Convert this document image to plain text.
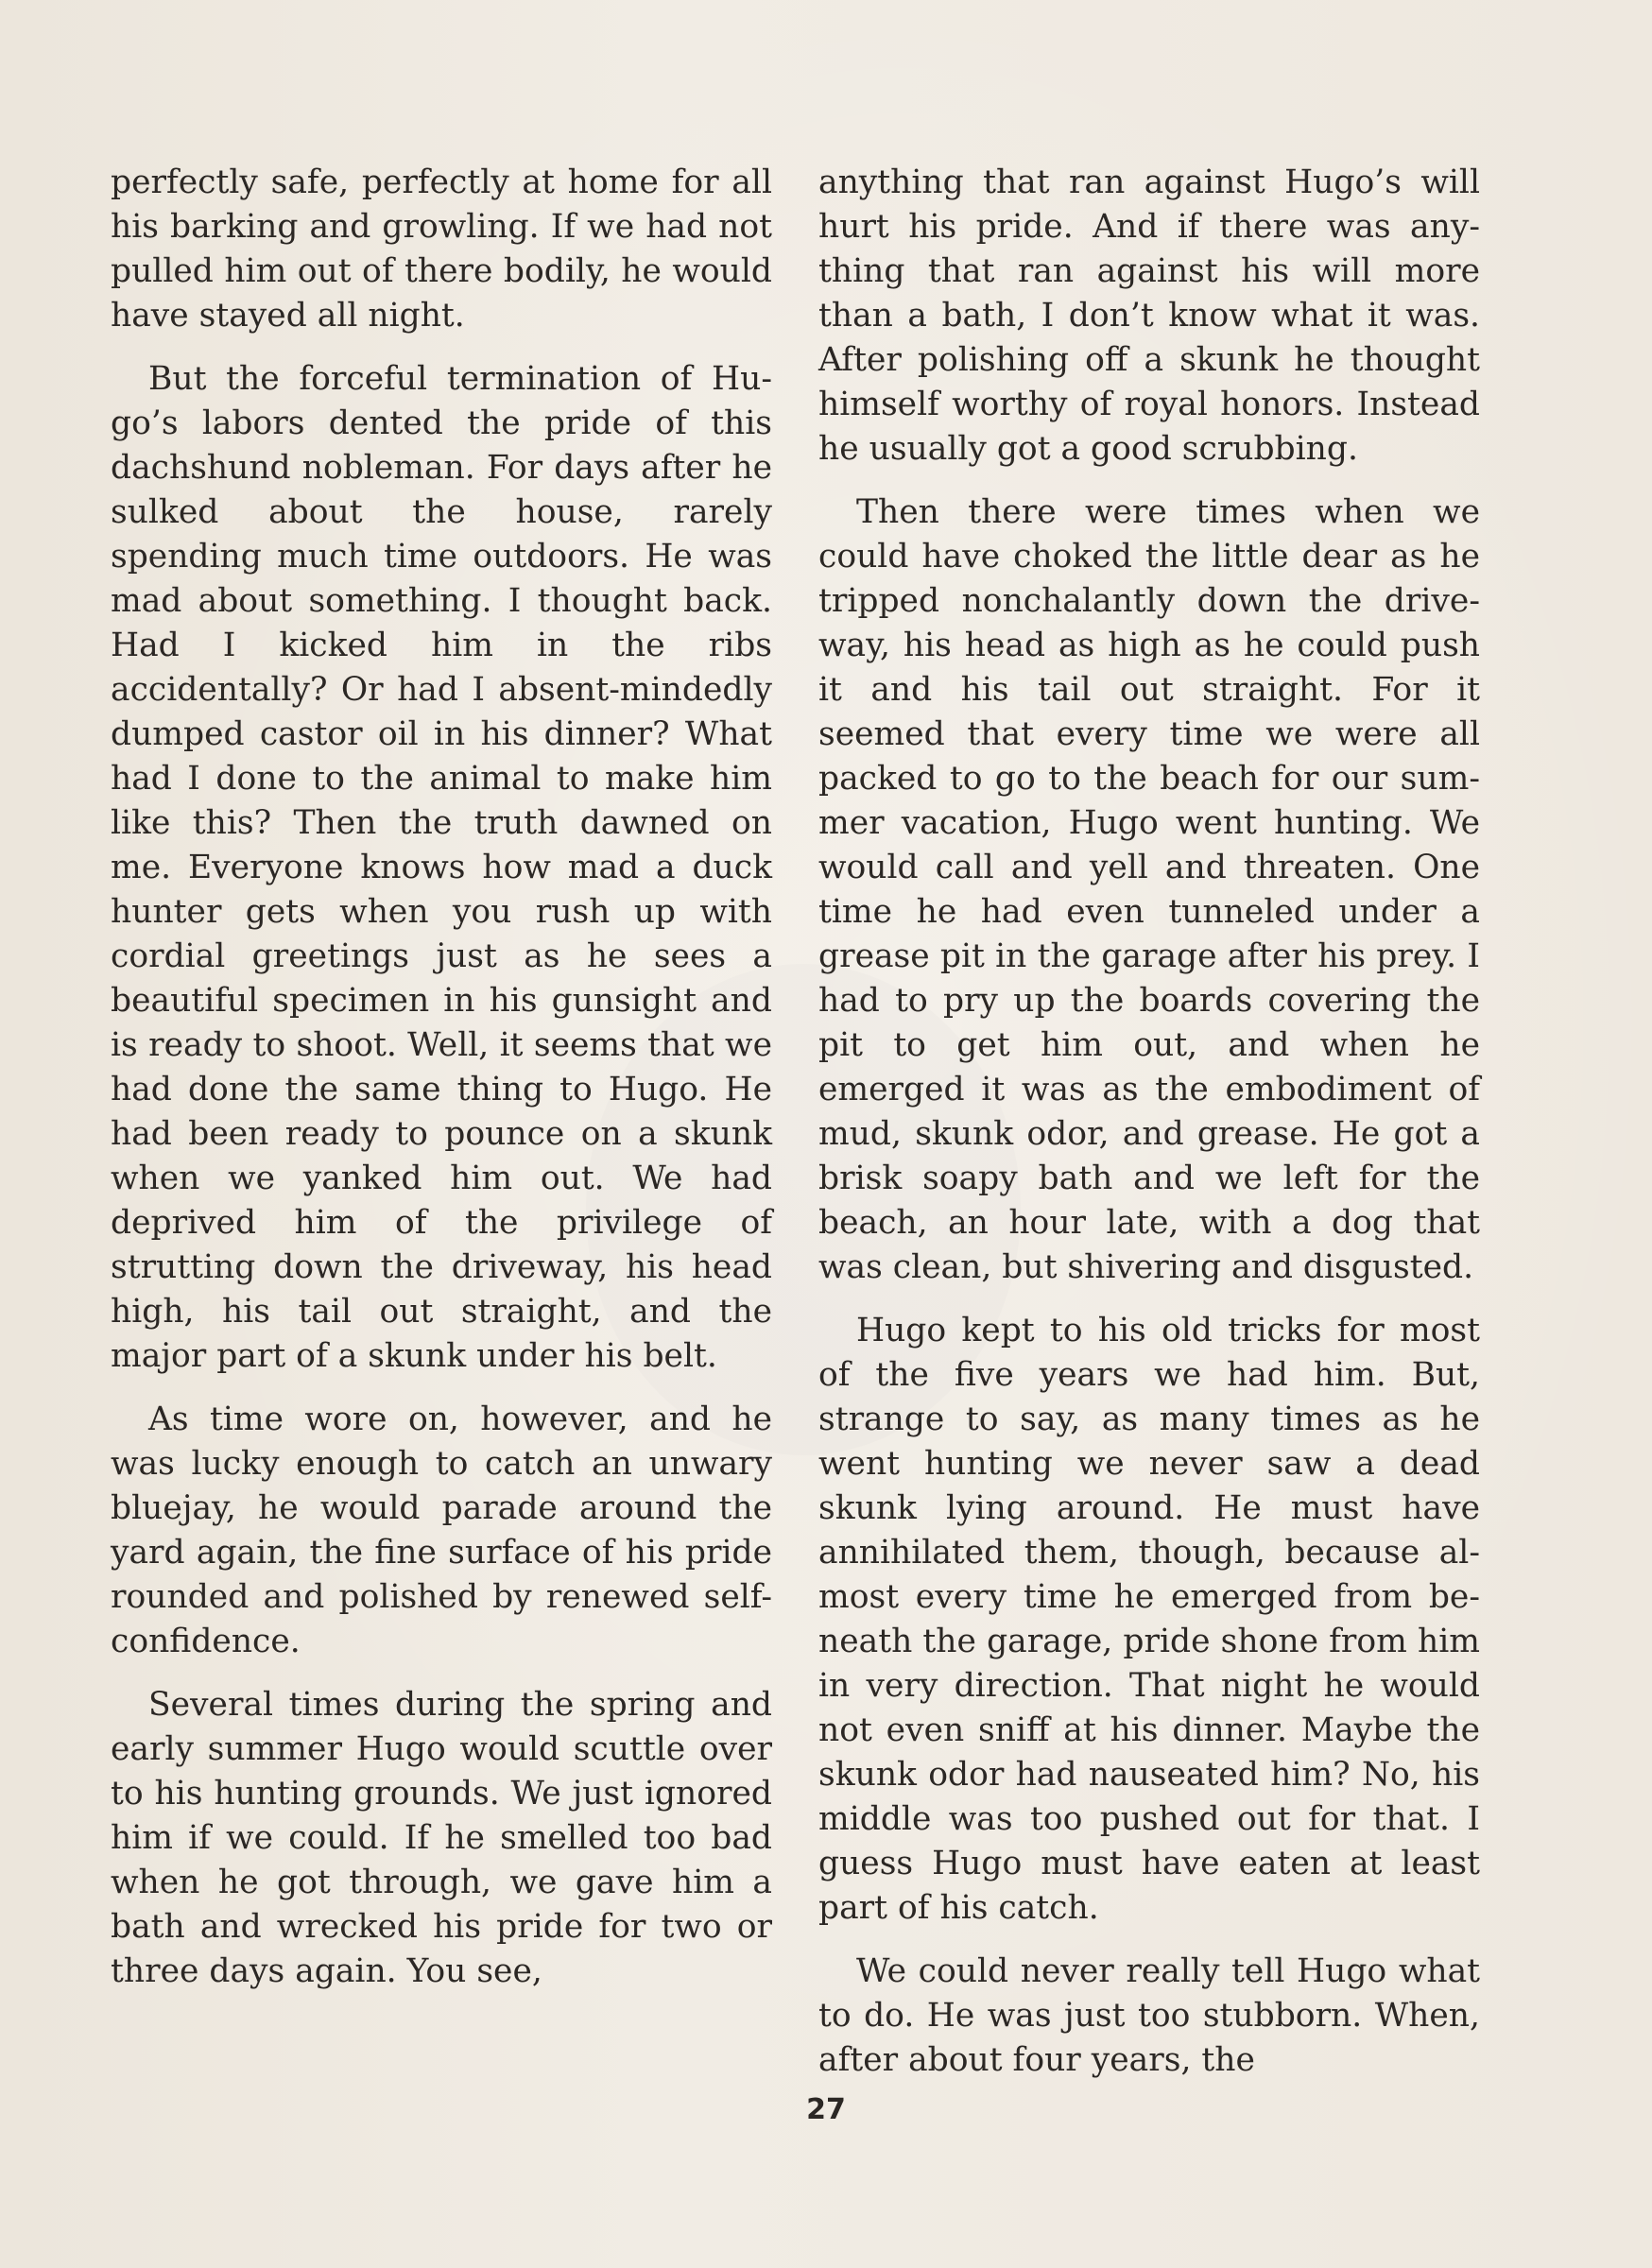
perfectly safe, perfectly at home for all his barking and growling. If we had not pulled him out of there bodily, he would have stayed all night.

But the forceful termination of Hugo’s labors dented the pride of this dachshund nobleman. For days after he sulked about the house, rarely spending much time outdoors. He was mad about something. I thought back. Had I kicked him in the ribs accidentally? Or had I absent-mindedly dumped castor oil in his dinner? What had I done to the animal to make him like this? Then the truth dawned on me. Everyone knows how mad a duck hunter gets when you rush up with cordial greetings just as he sees a beautiful specimen in his gunsight and is ready to shoot. Well, it seems that we had done the same thing to Hugo. He had been ready to pounce on a skunk when we yanked him out. We had deprived him of the privilege of strutting down the driveway, his head high, his tail out straight, and the major part of a skunk under his belt.

As time wore on, however, and he was lucky enough to catch an unwary bluejay, he would parade around the yard again, the fine surface of his pride rounded and polished by renewed self-confidence.

Several times during the spring and early summer Hugo would scuttle over to his hunting grounds. We just ignored him if we could. If he smelled too bad when he got through, we gave him a bath and wrecked his pride for two or three days again. You see,

anything that ran against Hugo’s will hurt his pride. And if there was anything that ran against his will more than a bath, I don’t know what it was. After polishing off a skunk he thought himself worthy of royal honors. Instead he usually got a good scrubbing.

Then there were times when we could have choked the little dear as he tripped nonchalantly down the driveway, his head as high as he could push it and his tail out straight. For it seemed that every time we were all packed to go to the beach for our summer vacation, Hugo went hunting. We would call and yell and threaten. One time he had even tunneled under a grease pit in the garage after his prey. I had to pry up the boards covering the pit to get him out, and when he emerged it was as the embodiment of mud, skunk odor, and grease. He got a brisk soapy bath and we left for the beach, an hour late, with a dog that was clean, but shivering and disgusted.

Hugo kept to his old tricks for most of the five years we had him. But, strange to say, as many times as he went hunting we never saw a dead skunk lying around. He must have annihilated them, though, because almost every time he emerged from beneath the garage, pride shone from him in very direction. That night he would not even sniff at his dinner. Maybe the skunk odor had nauseated him? No, his middle was too pushed out for that. I guess Hugo must have eaten at least part of his catch.

We could never really tell Hugo what to do. He was just too stubborn. When, after about four years, the

27
